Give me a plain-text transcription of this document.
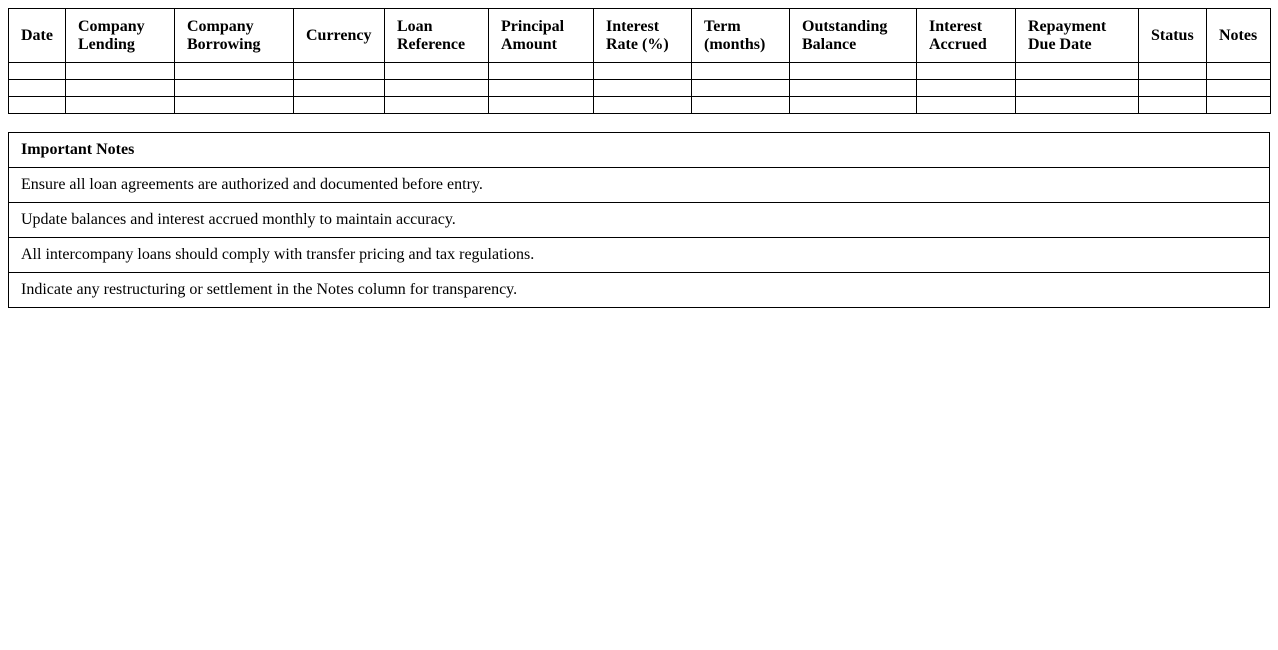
Date	Company Lending	Company Borrowing	Currency	Loan Reference	Principal Amount	Interest Rate (%)	Term (months)	Outstanding Balance	Interest Accrued	Repayment Due Date	Status	Notes

Important Notes
Ensure all loan agreements are authorized and documented before entry.
Update balances and interest accrued monthly to maintain accuracy.
All intercompany loans should comply with transfer pricing and tax regulations.
Indicate any restructuring or settlement in the Notes column for transparency.
